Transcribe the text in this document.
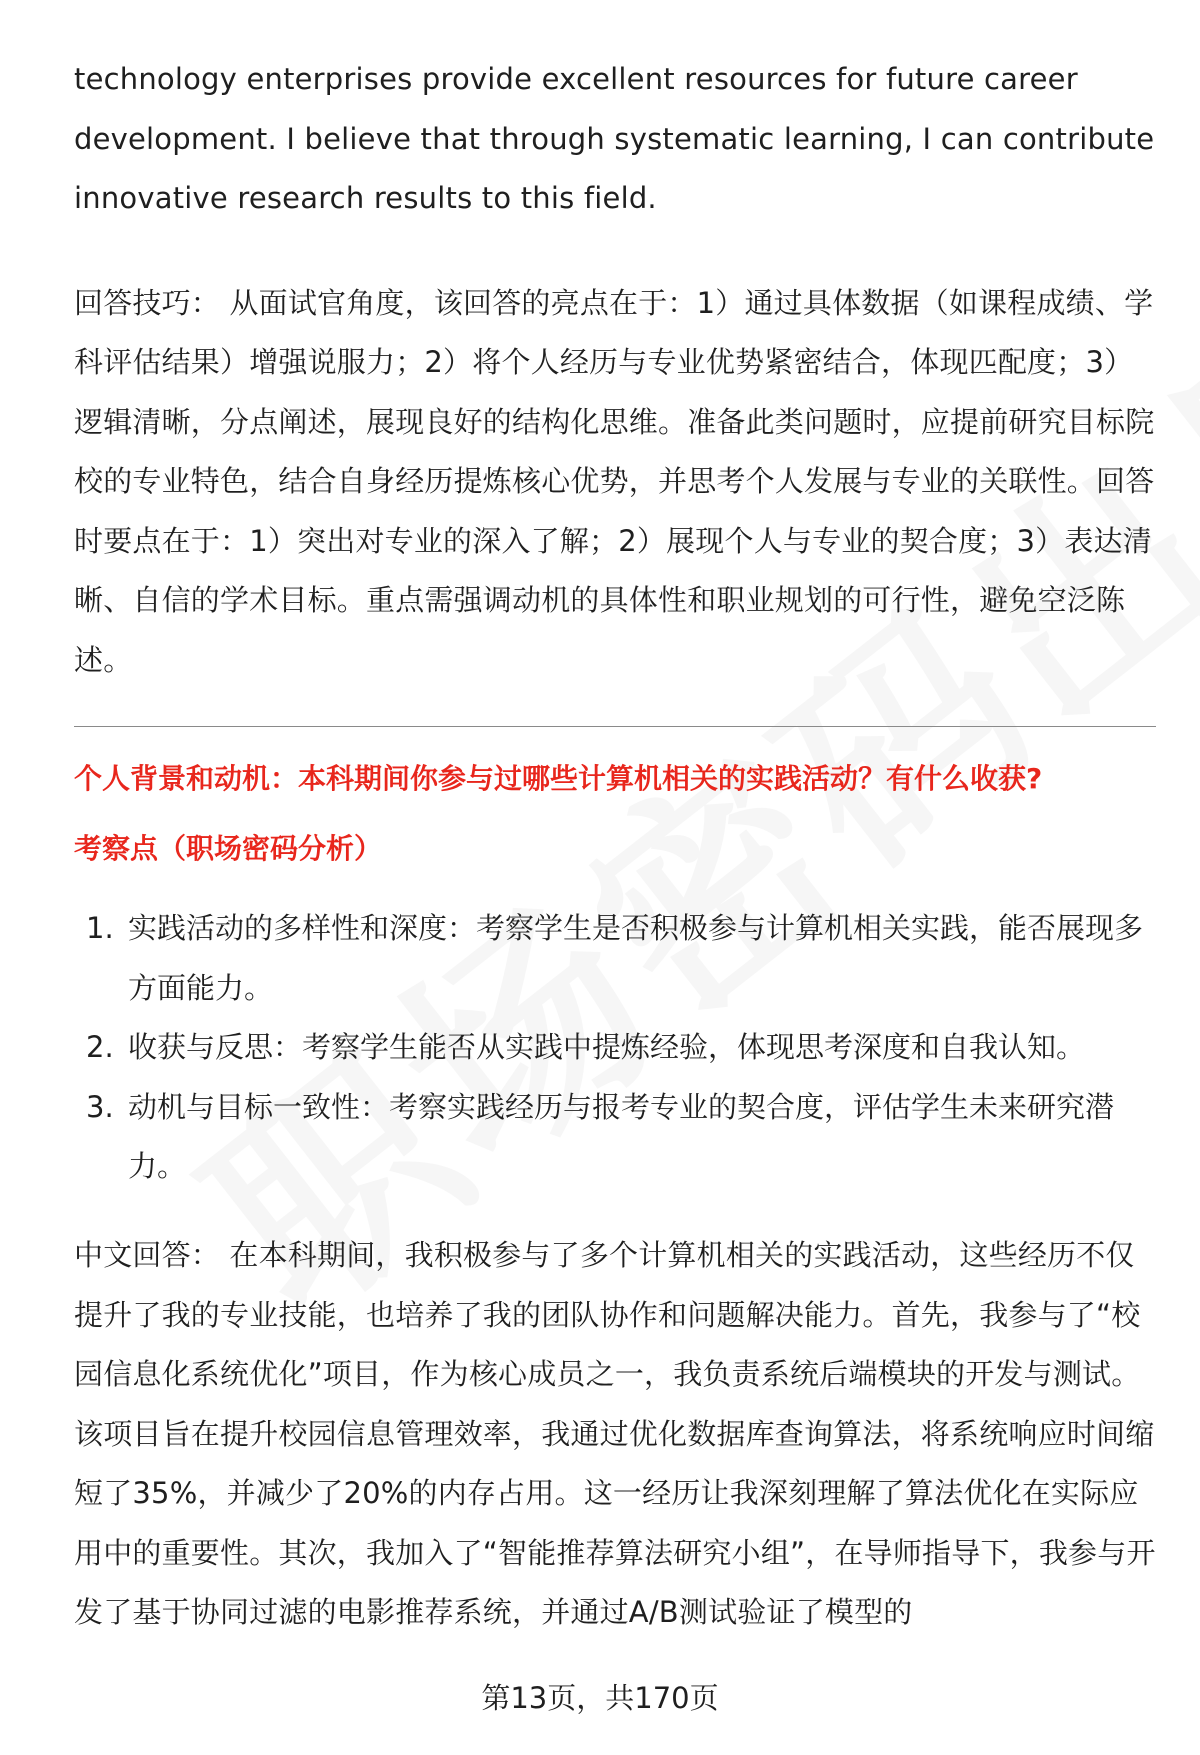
technology enterprises provide excellent resources for future career development. I believe that through systematic learning, I can contribute innovative research results to this field.

回答技巧： 从面试官角度，该回答的亮点在于：1）通过具体数据（如课程成绩、学科评估结果）增强说服力；2）将个人经历与专业优势紧密结合，体现匹配度；3）逻辑清晰，分点阐述，展现良好的结构化思维。准备此类问题时，应提前研究目标院校的专业特色，结合自身经历提炼核心优势，并思考个人发展与专业的关联性。回答时要点在于：1）突出对专业的深入了解；2）展现个人与专业的契合度；3）表达清晰、自信的学术目标。重点需强调动机的具体性和职业规划的可行性，避免空泛陈述。

个人背景和动机：本科期间你参与过哪些计算机相关的实践活动？有什么收获?
考察点（职场密码分析）
1. 实践活动的多样性和深度：考察学生是否积极参与计算机相关实践，能否展现多方面能力。
2. 收获与反思：考察学生能否从实践中提炼经验，体现思考深度和自我认知。
3. 动机与目标一致性：考察实践经历与报考专业的契合度，评估学生未来研究潜力。

中文回答： 在本科期间，我积极参与了多个计算机相关的实践活动，这些经历不仅提升了我的专业技能，也培养了我的团队协作和问题解决能力。首先，我参与了“校园信息化系统优化”项目，作为核心成员之一，我负责系统后端模块的开发与测试。该项目旨在提升校园信息管理效率，我通过优化数据库查询算法，将系统响应时间缩短了35%，并减少了20%的内存占用。这一经历让我深刻理解了算法优化在实际应用中的重要性。其次，我加入了“智能推荐算法研究小组”，在导师指导下，我参与开发了基于协同过滤的电影推荐系统，并通过A/B测试验证了模型的

第13页，共170页
